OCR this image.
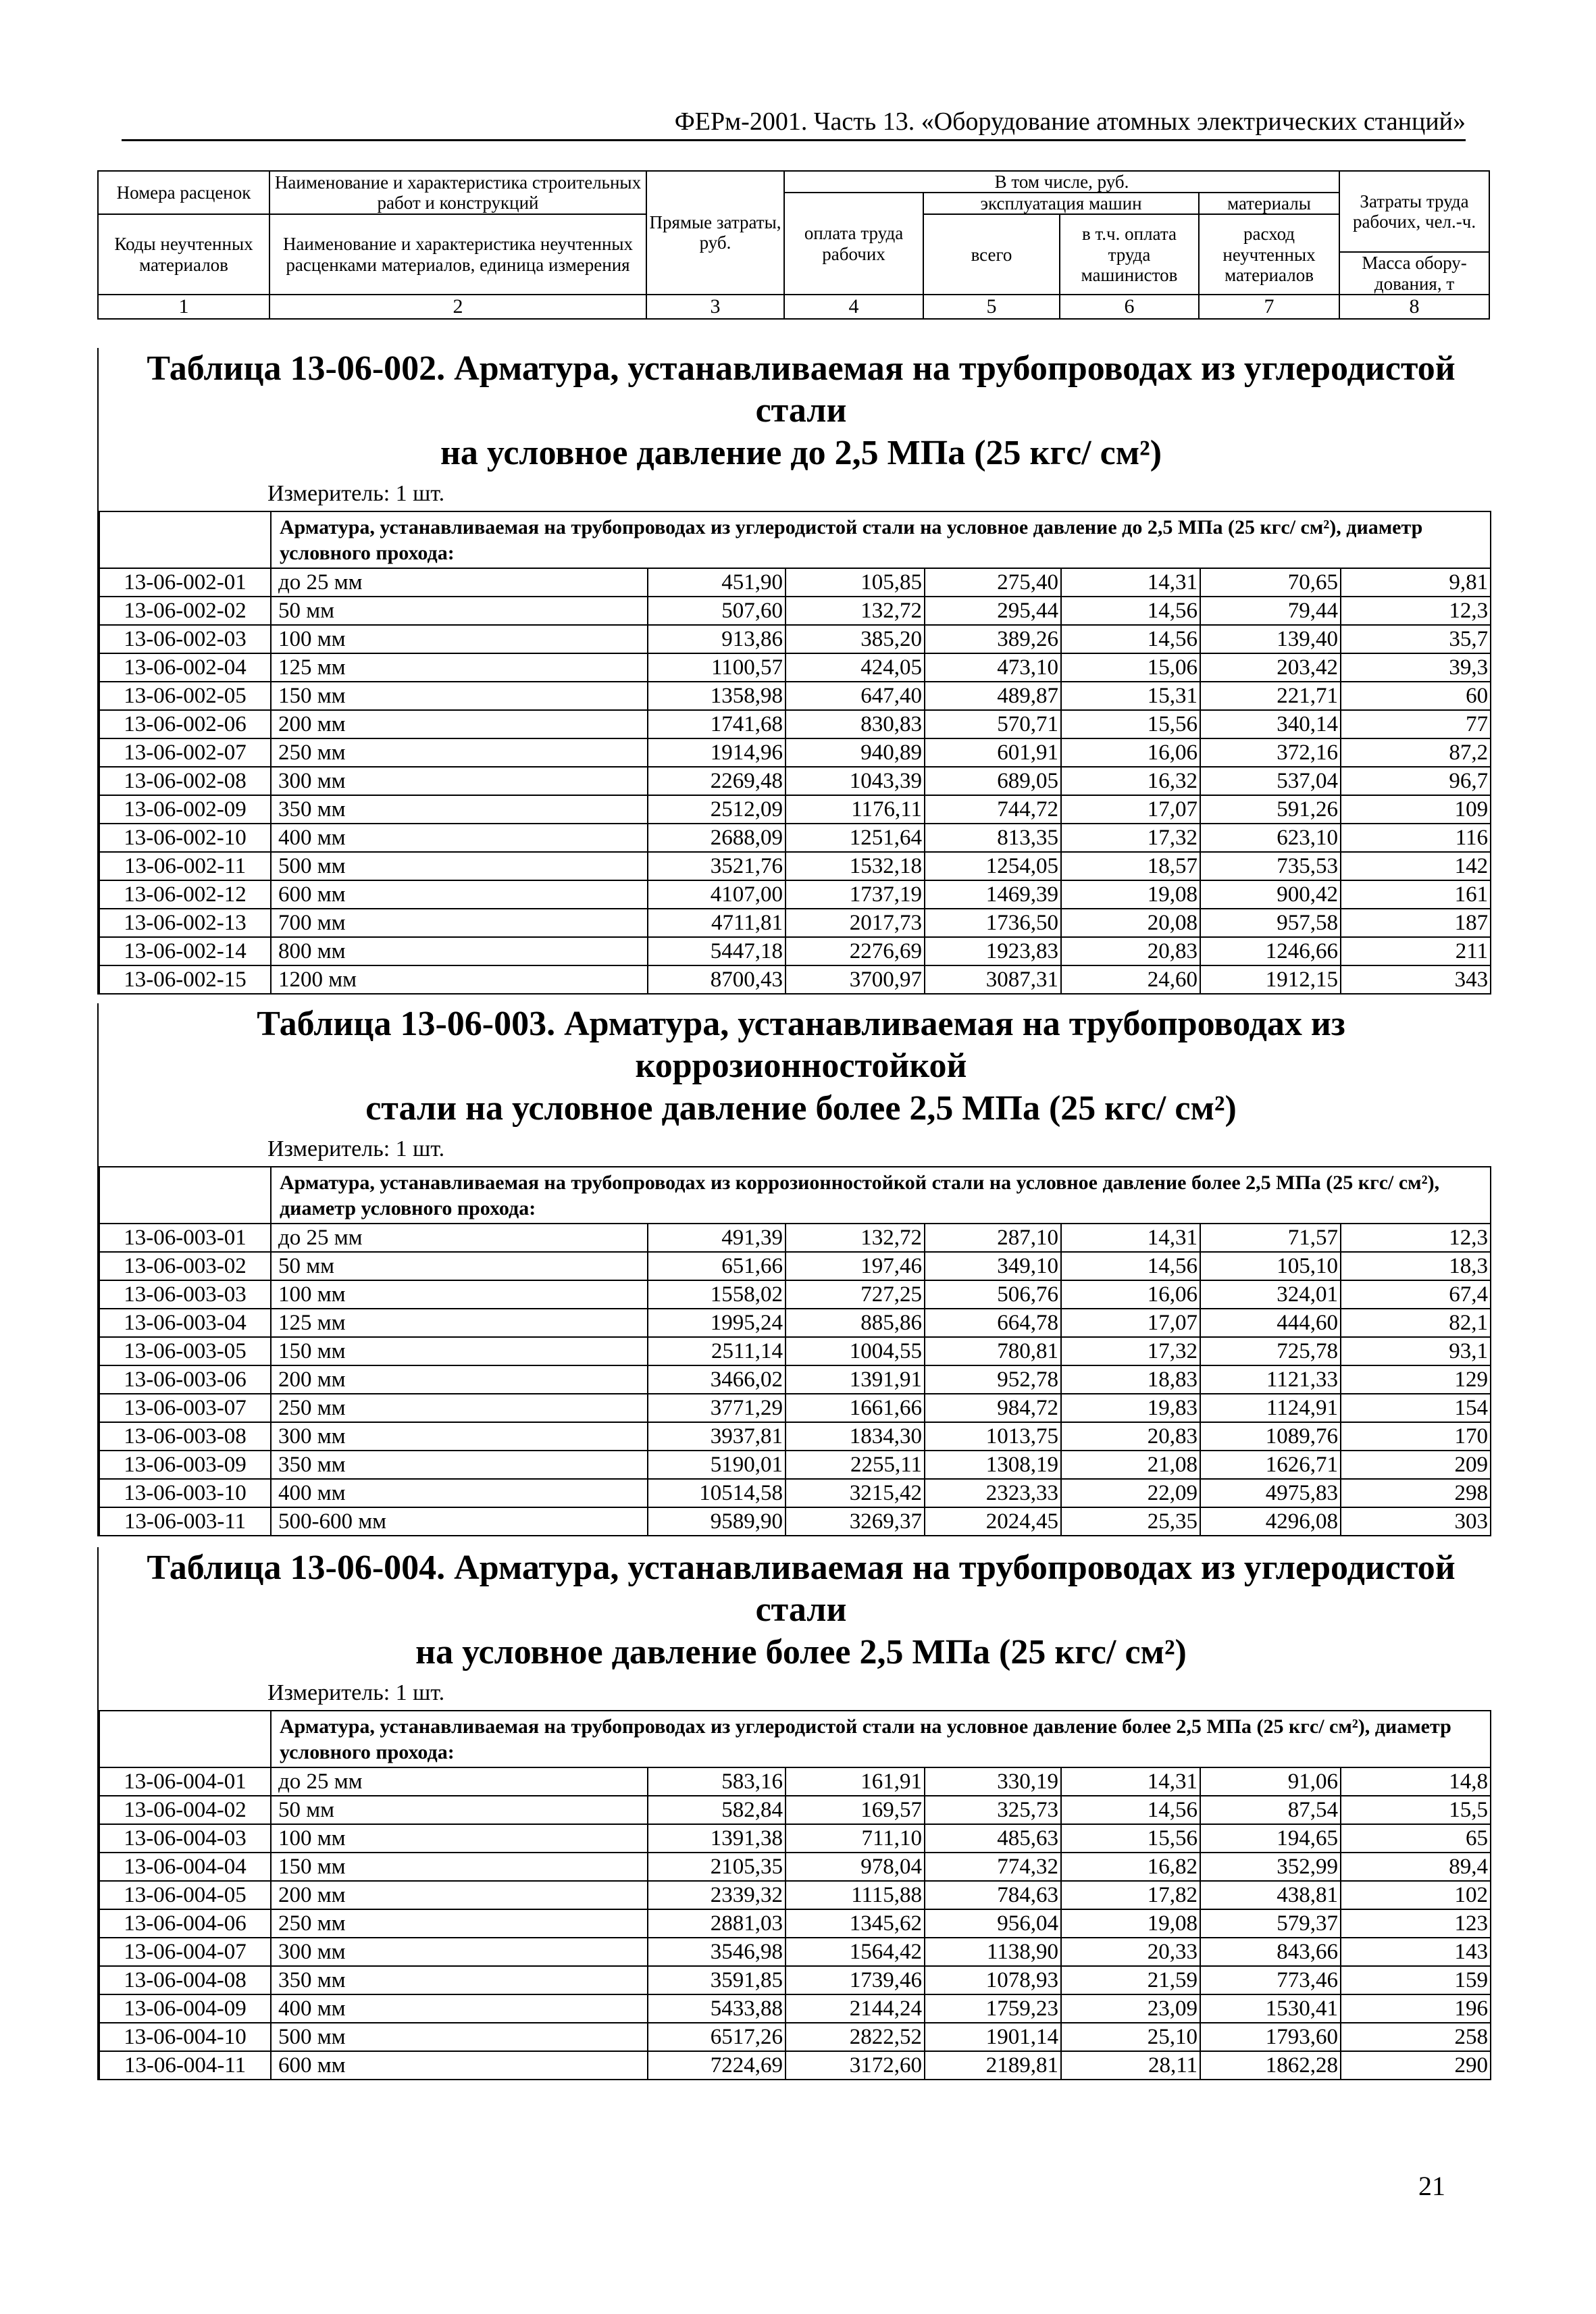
ФЕРм-2001. Часть 13. «Оборудование атомных электрических станций»
Номера расценок	Наименование и характеристика строительных работ и конструкций	Прямые затраты, руб.	В том числе, руб.				Затраты труда рабочих, чел.-ч.
			оплата труда рабочих	эксплуатация машин		материалы	
Коды неучтенных материалов	Наименование и характеристика неучтенных расценками материалов, единица измерения			всего	в т.ч. оплата труда машинистов	расход неучтенных материалов	
							Масса обору-дования, т
1	2	3	4	5	6	7	8
Таблица 13-06-002. Арматура, устанавливаемая на трубопроводах из углеродистой стали
на условное давление до 2,5 МПа (25 кгс/ см²)
Измеритель: 1 шт.
	Арматура, устанавливаемая на трубопроводах из углеродистой стали на условное давление до 2,5 МПа (25 кгс/ см²), диаметр условного прохода:						
13-06-002-01	до 25 мм	451,90	105,85	275,40	14,31	70,65	9,81
13-06-002-02	50 мм	507,60	132,72	295,44	14,56	79,44	12,3
13-06-002-03	100 мм	913,86	385,20	389,26	14,56	139,40	35,7
13-06-002-04	125 мм	1100,57	424,05	473,10	15,06	203,42	39,3
13-06-002-05	150 мм	1358,98	647,40	489,87	15,31	221,71	60
13-06-002-06	200 мм	1741,68	830,83	570,71	15,56	340,14	77
13-06-002-07	250 мм	1914,96	940,89	601,91	16,06	372,16	87,2
13-06-002-08	300 мм	2269,48	1043,39	689,05	16,32	537,04	96,7
13-06-002-09	350 мм	2512,09	1176,11	744,72	17,07	591,26	109
13-06-002-10	400 мм	2688,09	1251,64	813,35	17,32	623,10	116
13-06-002-11	500 мм	3521,76	1532,18	1254,05	18,57	735,53	142
13-06-002-12	600 мм	4107,00	1737,19	1469,39	19,08	900,42	161
13-06-002-13	700 мм	4711,81	2017,73	1736,50	20,08	957,58	187
13-06-002-14	800 мм	5447,18	2276,69	1923,83	20,83	1246,66	211
13-06-002-15	1200 мм	8700,43	3700,97	3087,31	24,60	1912,15	343
Таблица 13-06-003. Арматура, устанавливаемая на трубопроводах из коррозионностойкой
стали на условное давление более 2,5 МПа (25 кгс/ см²)
Измеритель: 1 шт.
	Арматура, устанавливаемая на трубопроводах из коррозионностойкой стали на условное давление более 2,5 МПа (25 кгс/ см²), диаметр условного прохода:						
13-06-003-01	до 25 мм	491,39	132,72	287,10	14,31	71,57	12,3
13-06-003-02	50 мм	651,66	197,46	349,10	14,56	105,10	18,3
13-06-003-03	100 мм	1558,02	727,25	506,76	16,06	324,01	67,4
13-06-003-04	125 мм	1995,24	885,86	664,78	17,07	444,60	82,1
13-06-003-05	150 мм	2511,14	1004,55	780,81	17,32	725,78	93,1
13-06-003-06	200 мм	3466,02	1391,91	952,78	18,83	1121,33	129
13-06-003-07	250 мм	3771,29	1661,66	984,72	19,83	1124,91	154
13-06-003-08	300 мм	3937,81	1834,30	1013,75	20,83	1089,76	170
13-06-003-09	350 мм	5190,01	2255,11	1308,19	21,08	1626,71	209
13-06-003-10	400 мм	10514,58	3215,42	2323,33	22,09	4975,83	298
13-06-003-11	500-600 мм	9589,90	3269,37	2024,45	25,35	4296,08	303
Таблица 13-06-004. Арматура, устанавливаемая на трубопроводах из углеродистой стали
на условное давление более 2,5 МПа (25 кгс/ см²)
Измеритель: 1 шт.
	Арматура, устанавливаемая на трубопроводах из углеродистой стали на условное давление более 2,5 МПа (25 кгс/ см²), диаметр условного прохода:						
13-06-004-01	до 25 мм	583,16	161,91	330,19	14,31	91,06	14,8
13-06-004-02	50 мм	582,84	169,57	325,73	14,56	87,54	15,5
13-06-004-03	100 мм	1391,38	711,10	485,63	15,56	194,65	65
13-06-004-04	150 мм	2105,35	978,04	774,32	16,82	352,99	89,4
13-06-004-05	200 мм	2339,32	1115,88	784,63	17,82	438,81	102
13-06-004-06	250 мм	2881,03	1345,62	956,04	19,08	579,37	123
13-06-004-07	300 мм	3546,98	1564,42	1138,90	20,33	843,66	143
13-06-004-08	350 мм	3591,85	1739,46	1078,93	21,59	773,46	159
13-06-004-09	400 мм	5433,88	2144,24	1759,23	23,09	1530,41	196
13-06-004-10	500 мм	6517,26	2822,52	1901,14	25,10	1793,60	258
13-06-004-11	600 мм	7224,69	3172,60	2189,81	28,11	1862,28	290
21
